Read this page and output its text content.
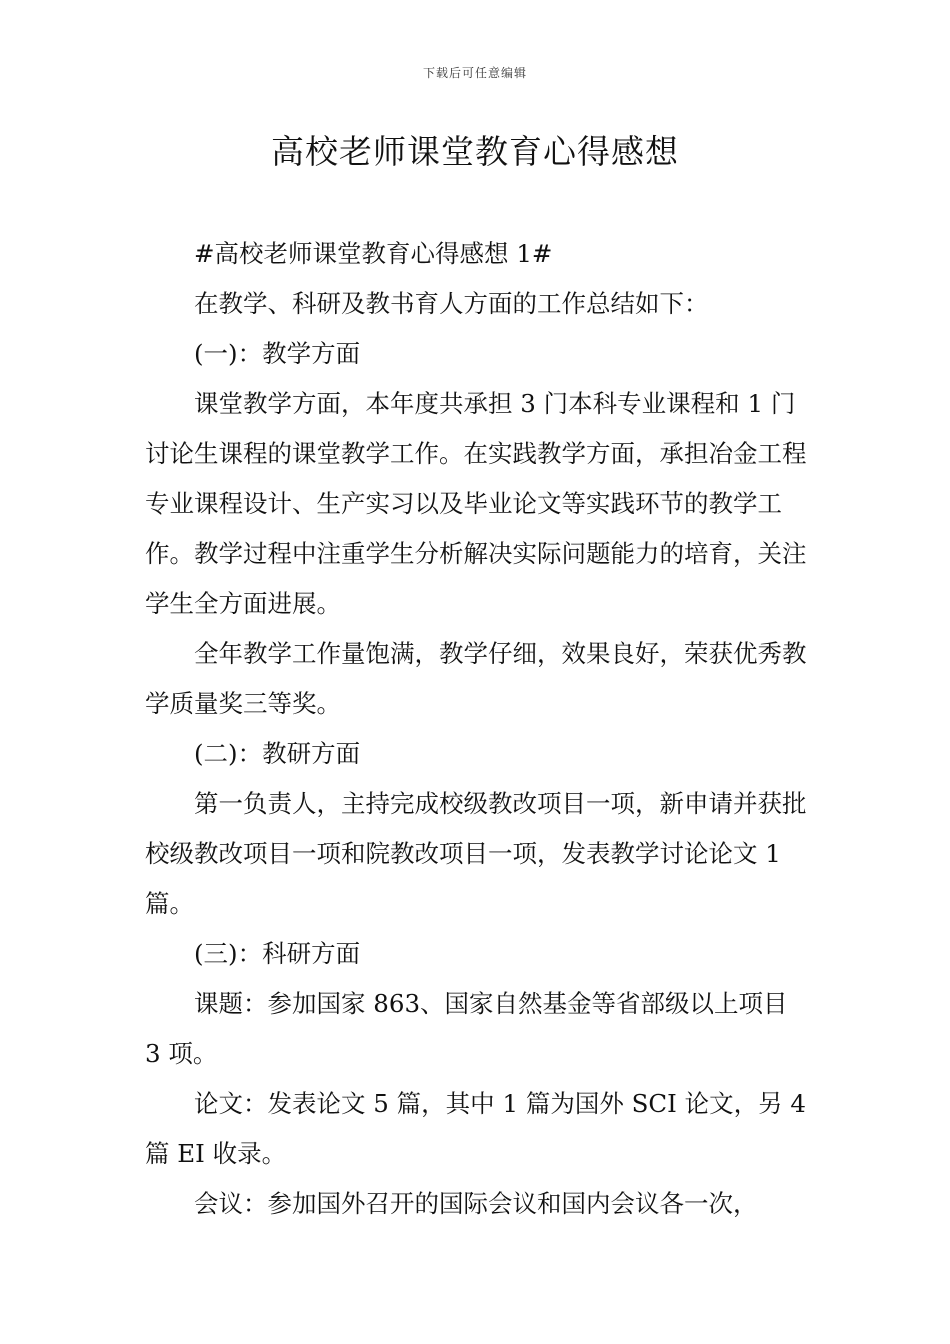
下载后可任意编辑
高校老师课堂教育心得感想

#高校老师课堂教育心得感想 1#

在教学、科研及教书育人方面的工作总结如下：

(一)：教学方面

课堂教学方面，本年度共承担 3 门本科专业课程和 1 门讨论生课程的课堂教学工作。在实践教学方面，承担冶金工程专业课程设计、生产实习以及毕业论文等实践环节的教学工作。教学过程中注重学生分析解决实际问题能力的培育，关注学生全方面进展。

全年教学工作量饱满，教学仔细，效果良好，荣获优秀教学质量奖三等奖。

(二)：教研方面

第一负责人，主持完成校级教改项目一项，新申请并获批校级教改项目一项和院教改项目一项，发表教学讨论论文 1 篇。

(三)：科研方面

课题：参加国家 863、国家自然基金等省部级以上项目 3 项。

论文：发表论文 5 篇，其中 1 篇为国外 SCI 论文，另 4 篇 EI 收录。

会议：参加国外召开的国际会议和国内会议各一次，
